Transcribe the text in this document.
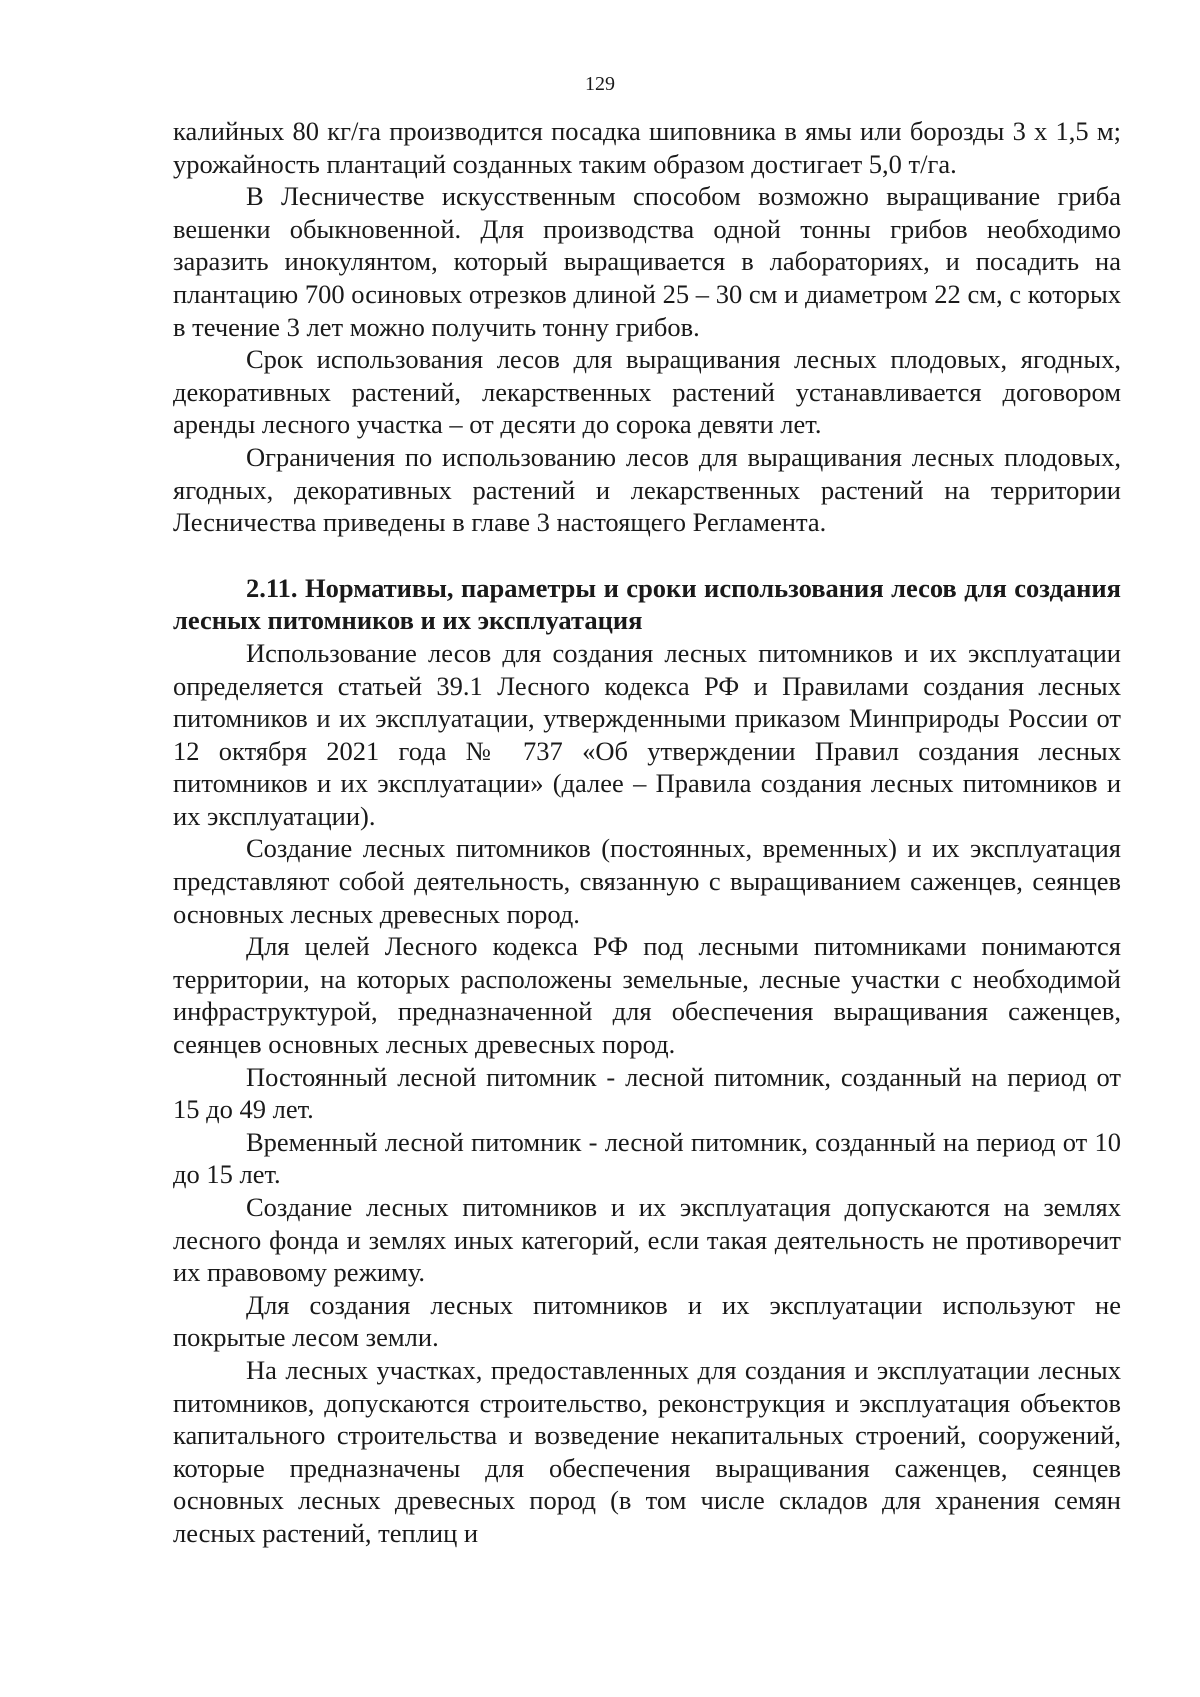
129

калийных 80 кг/га производится посадка шиповника в ямы или борозды 3 х 1,5 м; урожайность плантаций созданных таким образом достигает 5,0 т/га.

В Лесничестве искусственным способом возможно выращивание гриба вешенки обыкновенной. Для производства одной тонны грибов необходимо заразить инокулянтом, который выращивается в лабораториях, и посадить на плантацию 700 осиновых отрезков длиной 25 – 30 см и диаметром 22 см, с которых в течение 3 лет можно получить тонну грибов.

Срок использования лесов для выращивания лесных плодовых, ягодных, декоративных растений, лекарственных растений устанавливается договором аренды лесного участка – от десяти до сорока девяти лет.

Ограничения по использованию лесов для выращивания лесных плодовых, ягодных, декоративных растений и лекарственных растений на территории Лесничества приведены в главе 3 настоящего Регламента.

2.11. Нормативы, параметры и сроки использования лесов для создания лесных питомников и их эксплуатация

Использование лесов для создания лесных питомников и их эксплуатации определяется статьей 39.1 Лесного кодекса РФ и Правилами создания лесных питомников и их эксплуатации, утвержденными приказом Минприроды России от 12 октября 2021 года № 737 «Об утверждении Правил создания лесных питомников и их эксплуатации» (далее – Правила создания лесных питомников и их эксплуатации).

Создание лесных питомников (постоянных, временных) и их эксплуатация представляют собой деятельность, связанную с выращиванием саженцев, сеянцев основных лесных древесных пород.

Для целей Лесного кодекса РФ под лесными питомниками понимаются территории, на которых расположены земельные, лесные участки с необходимой инфраструктурой, предназначенной для обеспечения выращивания саженцев, сеянцев основных лесных древесных пород.

Постоянный лесной питомник - лесной питомник, созданный на период от 15 до 49 лет.

Временный лесной питомник - лесной питомник, созданный на период от 10 до 15 лет.

Создание лесных питомников и их эксплуатация допускаются на землях лесного фонда и землях иных категорий, если такая деятельность не противоречит их правовому режиму.

Для создания лесных питомников и их эксплуатации используют не покрытые лесом земли.

На лесных участках, предоставленных для создания и эксплуатации лесных питомников, допускаются строительство, реконструкция и эксплуатация объектов капитального строительства и возведение некапитальных строений, сооружений, которые предназначены для обеспечения выращивания саженцев, сеянцев основных лесных древесных пород (в том числе складов для хранения семян лесных растений, теплиц и
